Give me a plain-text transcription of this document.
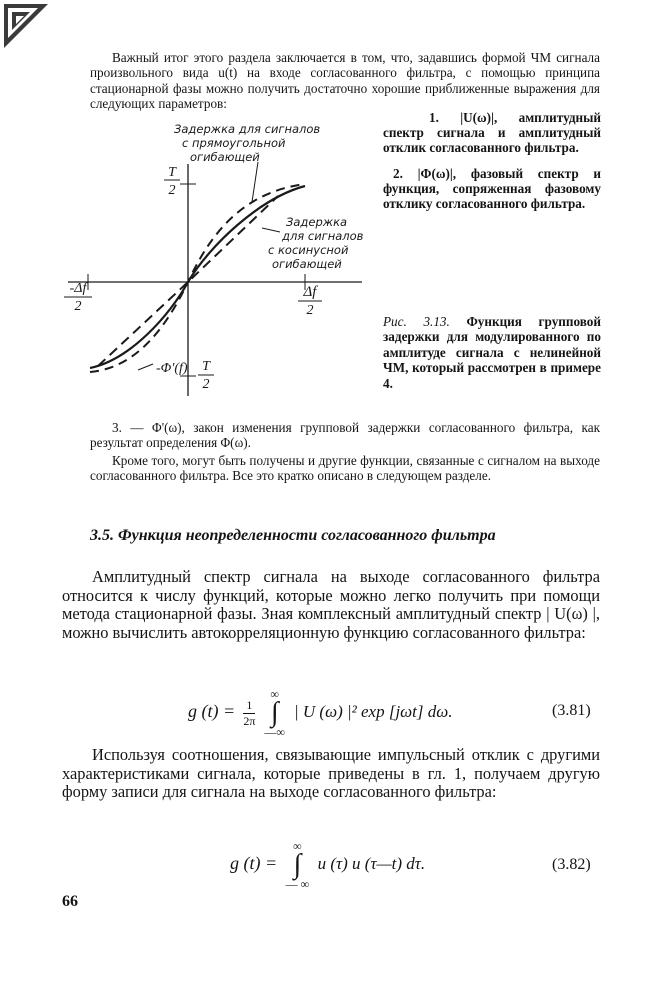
Важный итог этого раздела заключается в том, что, задавшись формой ЧМ сигнала произвольного вида u(t) на входе согласованного фильтра, с помощью принципа стационарной фазы можно получить достаточно хорошие приближенные выражения для следующих параметров:

1. |U(ω)|, амплитудный спектр сигнала и амплитудный отклик согласованного фильтра.

2. |Φ(ω)|, фазовый спектр и функция, сопряженная фазовому отклику согласованного фильтра.

Задержка для сигналов
с прямоугольной
огибающей
Задержка
для сигналов
с косинусной
огибающей
T
2
-Δf
2
Δf
2
T
2
-Φ'(f)

Рис. 3.13. Функция групповой задержки для модулированного по амплитуде сигнала с нелинейной ЧМ, который рассмотрен в примере 4.

3. — Φ'(ω), закон изменения групповой задержки согласованного фильтра, как результат определения Φ(ω).

Кроме того, могут быть получены и другие функции, связанные с сигналом на выходе согласованного фильтра. Все это кратко описано в следующем разделе.

3.5. Функция неопределенности согласованного фильтра

Амплитудный спектр сигнала на выходе согласованного фильтра относится к числу функций, которые можно легко получить при помощи метода стационарной фазы. Зная комплексный амплитудный спектр | U(ω) |, можно вычислить автокорреляционную функцию согласованного фильтра:

g $(t) = \frac{1}{2\pi}$

∞
∫
—∞
| U (ω) |² exp [jωt] dω.	(3.81)

Используя соотношения, связывающие импульсный отклик с другими характеристиками сигнала, которые приведены в гл. 1, получаем другую форму записи для сигнала на выходе согласованного фильтра:

g (t) =
∞
∫
— ∞
u (τ) u (τ—t) dτ.	(3.82)
66
